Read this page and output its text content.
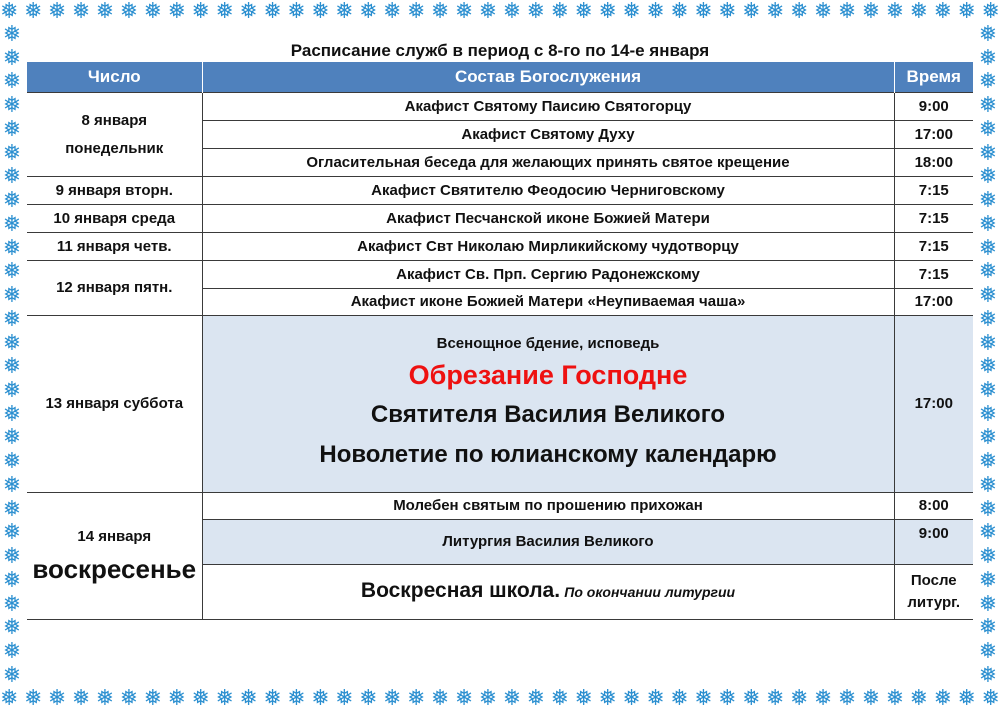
❅ ❅ ❅ ❅ ❅ ❅ ❅ ❅ ❅ ❅ ❅ ❅ ❅ ❅ ❅ ❅ ❅ ❅ ❅ ❅ ❅ ❅ ❅ ❅ ❅ ❅ ❅ ❅ ❅ ❅ ❅ ❅ ❅ ❅ ❅ ❅ ❅ ❅ ❅ ❅ ❅ ❅
❅ ❅ ❅ ❅ ❅ ❅ ❅ ❅ ❅ ❅ ❅ ❅ ❅ ❅ ❅ ❅ ❅ ❅ ❅ ❅ ❅ ❅ ❅ ❅ ❅ ❅ ❅ ❅ ❅ ❅ ❅ ❅ ❅ ❅ ❅ ❅ ❅ ❅ ❅ ❅ ❅ ❅
❅
❅
❅
❅
❅
❅
❅
❅
❅
❅
❅
❅
❅
❅
❅
❅
❅
❅
❅
❅
❅
❅
❅
❅
❅
❅
❅
❅
❅
❅
❅
❅
❅
❅
❅
❅
❅
❅
❅
❅
❅
❅
❅
❅
❅
❅
❅
❅
❅
❅
❅
❅
❅
❅
❅
❅
Расписание служб в период с 8-го по 14-е января
Число	Состав Богослужения	Время

8 января
понедельник	Акафист Святому Паисию Святогорцу	9:00
	Акафист Святому Духу	17:00
	Огласительная беседа для желающих принять святое крещение	18:00
9 января вторн.	Акафист Святителю Феодосию Черниговскому	7:15
10 января среда	Акафист Песчанской иконе Божией Матери	7:15
11 января четв.	Акафист Свт Николаю Мирликийскому чудотворцу	7:15
12 января пятн.	Акафист Св. Прп. Сергию Радонежскому	7:15
	Акафист иконе Божией Матери «Неупиваемая чаша»	17:00
13 января суббота	Всенощное бдение, исповедь
Обрезание Господне
Святителя Василия Великого
Новолетие по юлианскому календарю	17:00

14 января
воскресенье	Молебен святым по прошению прихожан	8:00
	Литургия Василия Великого	9:00
	Воскресная школа. По окончании литургии	После
литург.
